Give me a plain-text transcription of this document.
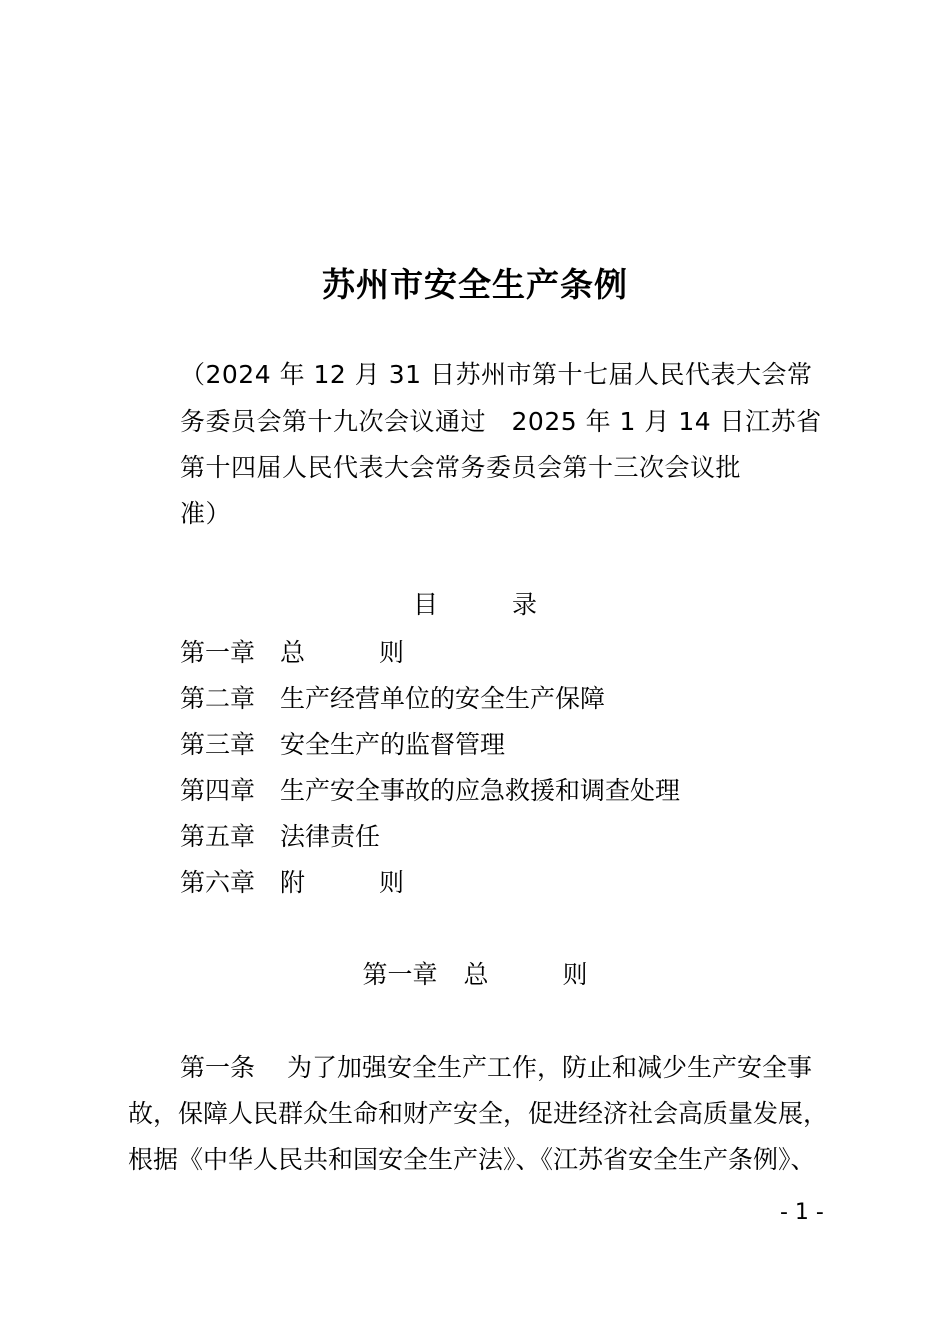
苏州市安全生产条例

（2024 年 12 月 31 日苏州市第十七届人民代表大会常

务委员会第十九次会议通过　2025 年 1 月 14 日江苏省

第十四届人民代表大会常务委员会第十三次会议批

准）

目	录
第一章 总	则
第二章 生产经营单位的安全生产保障
第三章 安全生产的监督管理
第四章 生产安全事故的应急救援和调查处理
第五章 法律责任
第六章 附	则
第一章 总	则
第一条 为了加强安全生产工作，防止和减少生产安全事
故，保障人民群众生命和财产安全，促进经济社会高质量发展，
根据《中华人民共和国安全生产法》、《江苏省安全生产条例》、
- 1 -
